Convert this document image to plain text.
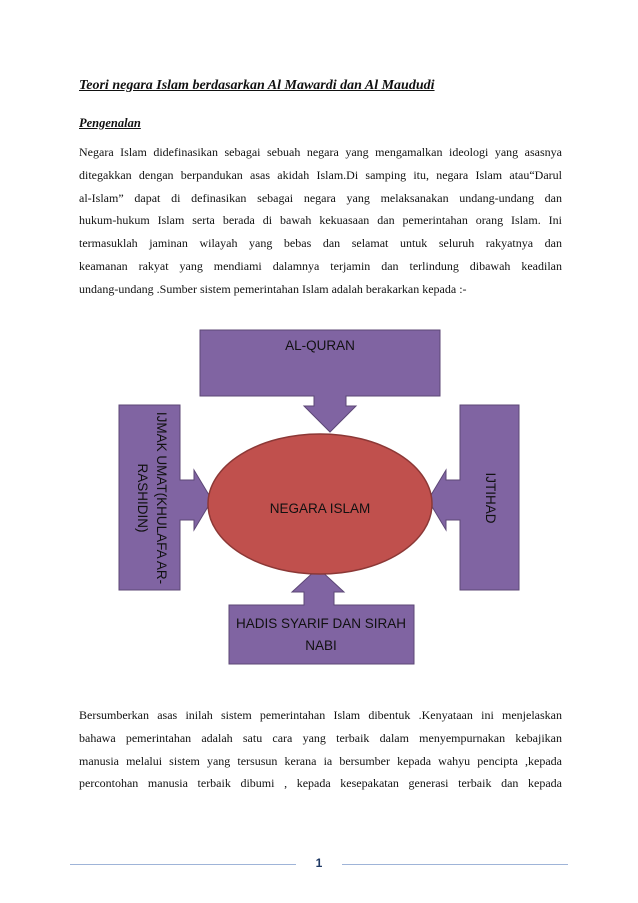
Teori negara Islam berdasarkan Al Mawardi dan Al Maududi
Pengenalan
Negara Islam didefinasikan sebagai sebuah negara yang mengamalkan ideologi yang asasnya
ditegakkan dengan berpandukan asas akidah Islam.Di samping itu, negara Islam atau“Darul
al-Islam” dapat di definasikan sebagai negara yang melaksanakan undang-undang dan
hukum-hukum Islam serta berada di bawah kekuasaan dan pemerintahan orang Islam. Ini
termasuklah jaminan wilayah yang bebas dan selamat untuk seluruh rakyatnya dan
keamanan rakyat yang mendiami dalamnya terjamin dan terlindung dibawah keadilan
undang-undang .Sumber sistem pemerintahan Islam adalah berakarkan kepada :-
AL-QURAN
IJMAK UMAT(KHULAFA AR-
RASHIDIN)	IJTIHAD
HADIS SYARIF DAN SIRAH
NABI
NEGARA ISLAM
Bersumberkan asas inilah sistem pemerintahan Islam dibentuk .Kenyataan ini menjelaskan
bahawa pemerintahan adalah satu cara yang terbaik dalam menyempurnakan kebajikan
manusia melalui sistem yang tersusun kerana ia bersumber kepada wahyu pencipta ,kepada
percontohan manusia terbaik dibumi , kepada kesepakatan generasi terbaik dan kepada
1
